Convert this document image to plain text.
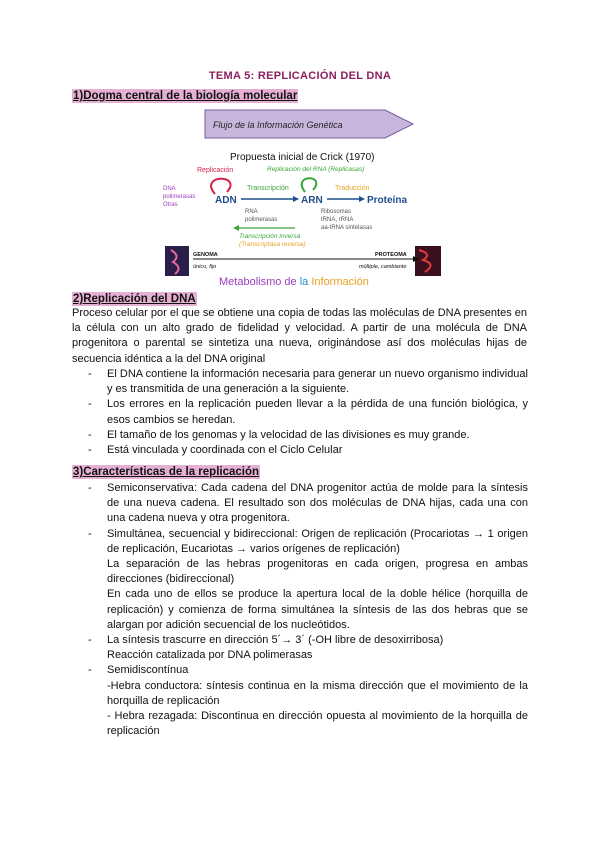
TEMA 5: REPLICACIÓN DEL DNA
1)Dogma central de la biología molecular
Flujo de la Información Genética
Propuesta inicial de Crick (1970)
Replicación
DNA
polimerasas
Otras	ADN
Replicación del RNA (Replicasas)
Transcripción
ARN
Traducción
Proteína
RNA
polimerasas
Ribosomas
tRNA, rRNA
aa-tRNA sintetasas
Transcripción inversa
(Transcriptasa reversa)
GENOMA	PROTEOMA
único, fijo	múltiple, cambiante
Metabolismo de la Información
2)Replicación del DNA
Proceso celular por el que se obtiene una copia de todas las moléculas de DNA presentes en la célula con un alto grado de fidelidad y velocidad. A partir de una molécula de DNA progenitora o parental se sintetiza una nueva, originándose así dos moléculas hijas de secuencia idéntica a la del DNA original
- El DNA contiene la información necesaria para generar un nuevo organismo individual y es transmitida de una generación a la siguiente.
- Los errores en la replicación pueden llevar a la pérdida de una función biológica, y esos cambios se heredan.
- El tamaño de los genomas y la velocidad de las divisiones es muy grande.
- Está vinculada y coordinada con el Ciclo Celular
3)Características de la replicación
- Semiconservativa: Cada cadena del DNA progenitor actúa de molde para la síntesis de una nueva cadena. El resultado son dos moléculas de DNA hijas, cada una con una cadena nueva y otra progenitora.
- Simultánea, secuencial y bidireccional: Origen de replicación (Procariotas → 1 origen de replicación, Eucariotas → varios orígenes de replicación)
La separación de las hebras progenitoras en cada origen, progresa en ambas direcciones (bidireccional)
En cada uno de ellos se produce la apertura local de la doble hélice (horquilla de replicación) y comienza de forma simultánea la síntesis de las dos hebras que se alargan por adición secuencial de los nucleótidos.
- La síntesis trascurre en dirección 5´→ 3´ (-OH libre de desoxirribosa)
Reacción catalizada por DNA polimerasas
- Semidiscontínua
-Hebra conductora: síntesis continua en la misma dirección que el movimiento de la horquilla de replicación
- Hebra rezagada: Discontinua en dirección opuesta al movimiento de la horquilla de replicación
